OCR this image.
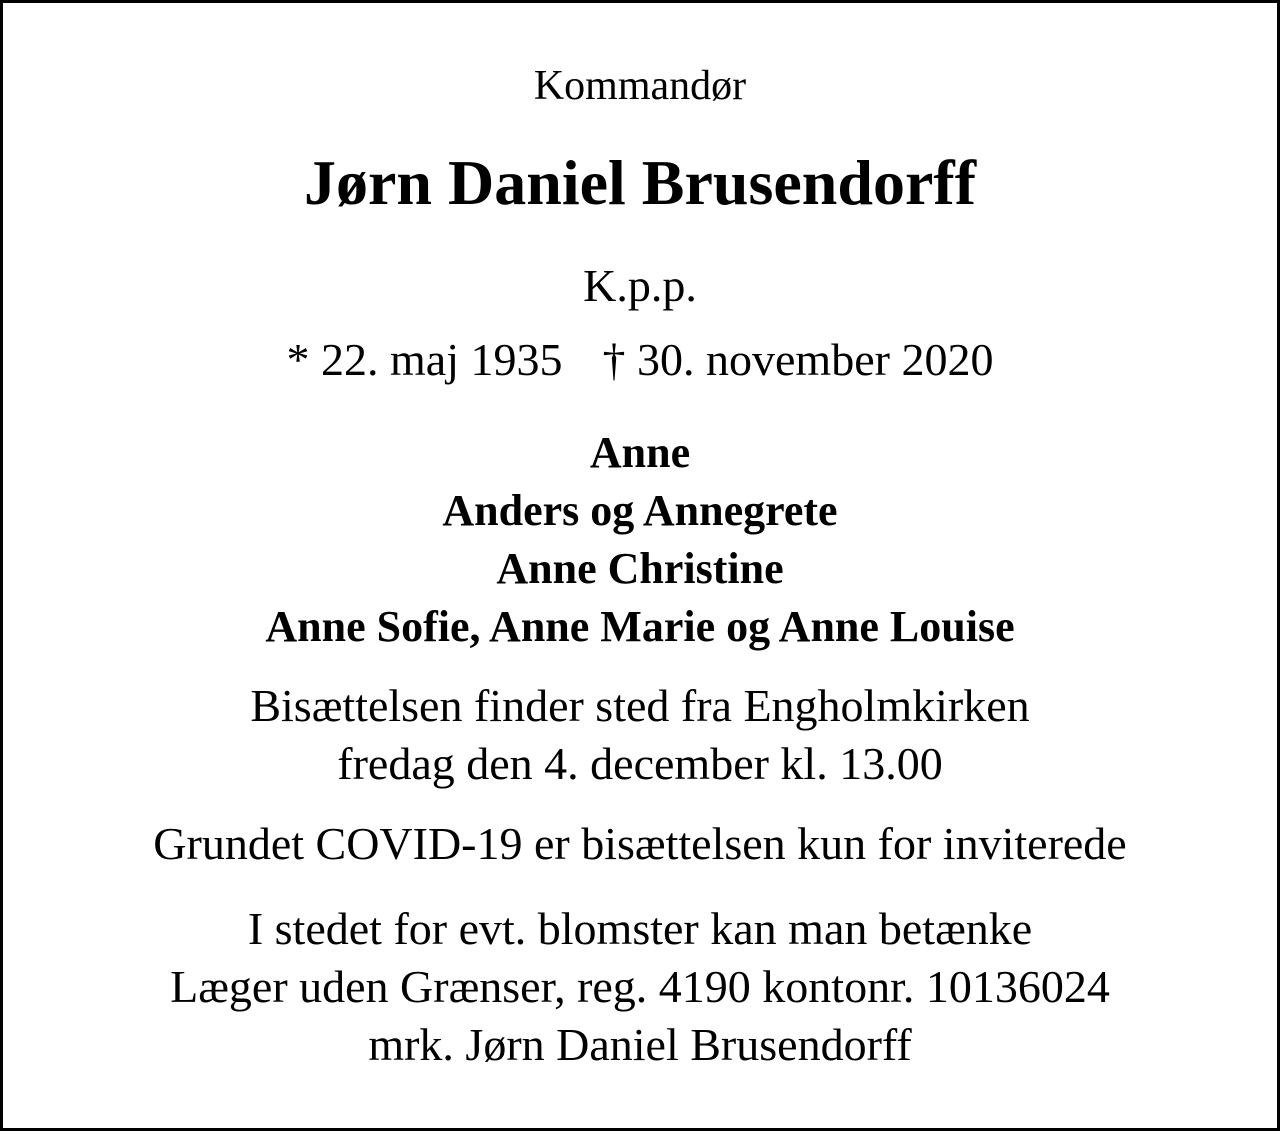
Kommandør
Jørn Daniel Brusendorff
K.p.p.
* 22. maj 1935 † 30. november 2020
Anne
Anders og Annegrete
Anne Christine
Anne Sofie, Anne Marie og Anne Louise
Bisættelsen finder sted fra Engholmkirken
fredag den 4. december kl. 13.00
Grundet COVID-19 er bisættelsen kun for inviterede
I stedet for evt. blomster kan man betænke
Læger uden Grænser, reg. 4190 kontonr. 10136024
mrk. Jørn Daniel Brusendorff
